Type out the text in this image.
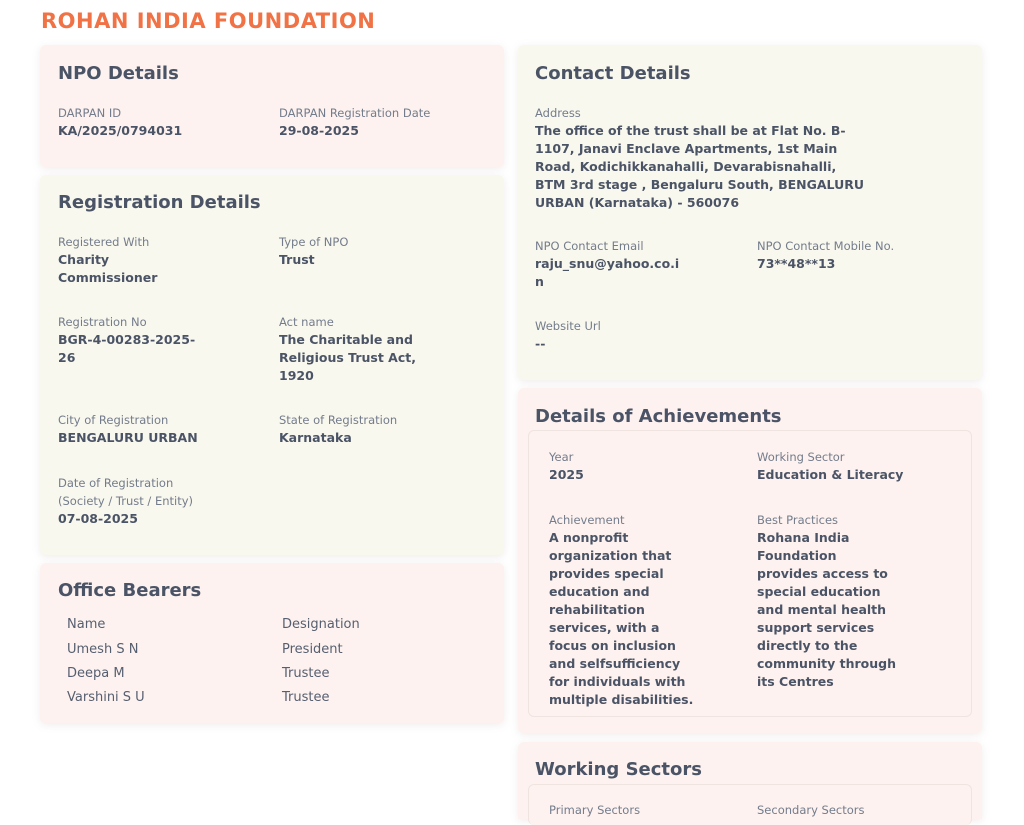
ROHAN INDIA FOUNDATION
NPO Details
DARPAN ID
KA/2025/0794031
DARPAN Registration Date
29-08-2025
Registration Details
Registered With
Charity
Commissioner
Type of NPO
Trust
Registration No
BGR-4-00283-2025-
26
Act name
The Charitable and
Religious Trust Act,
1920
City of Registration
BENGALURU URBAN
State of Registration
Karnataka
Date of Registration
(Society / Trust / Entity)
07-08-2025
Office Bearers
Name	Designation
Umesh S N	President
Deepa M	Trustee
Varshini S U	Trustee
Contact Details
Address
The office of the trust shall be at Flat No. B-
1107, Janavi Enclave Apartments, 1st Main
Road, Kodichikkanahalli, Devarabisnahalli,
BTM 3rd stage , Bengaluru South, BENGALURU
URBAN (Karnataka) - 560076
NPO Contact Email
raju_snu@yahoo.co.i
n
NPO Contact Mobile No.
73**48**13
Website Url
--
Details of Achievements
Year
2025
Working Sector
Education & Literacy
Achievement
A nonprofit
organization that
provides special
education and
rehabilitation
services, with a
focus on inclusion
and selfsufficiency
for individuals with
multiple disabilities.
Best Practices
Rohana India
Foundation
provides access to
special education
and mental health
support services
directly to the
community through
its Centres
Working Sectors
Primary Sectors	Secondary Sectors
